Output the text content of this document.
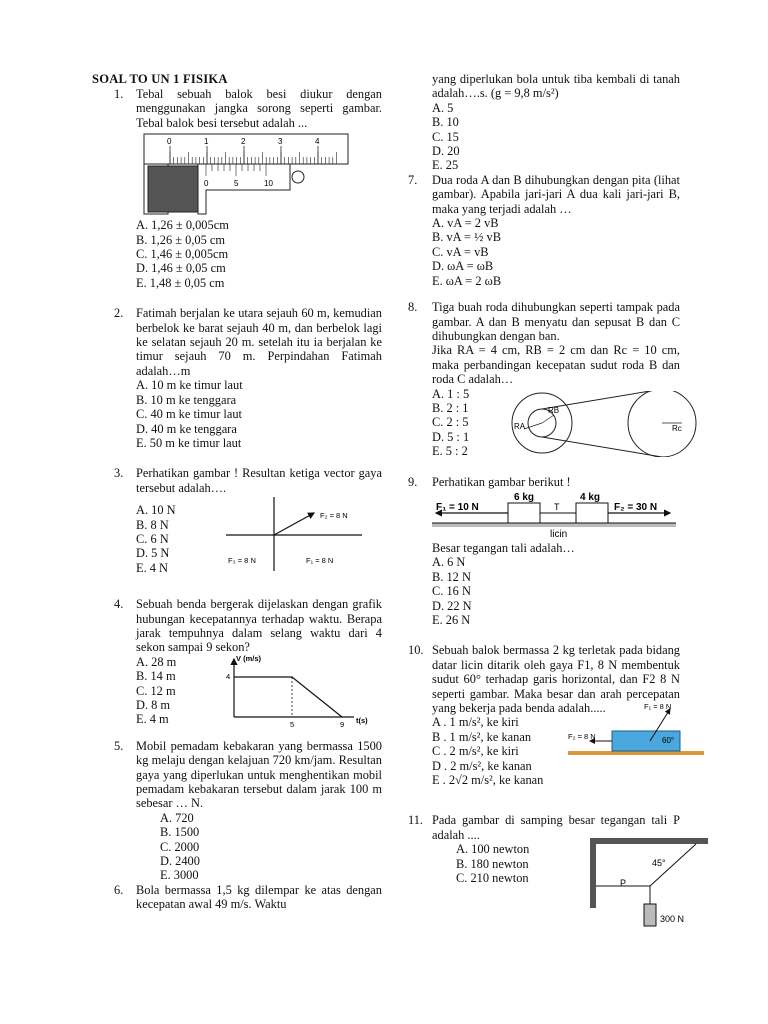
SOAL TO UN 1 FISIKA
1.	Tebal sebuah balok besi diukur dengan menggunakan jangka sorong seperti gambar. Tebal balok besi tersebut adalah ...
0	1	2	3	4
0	5	10
A. 1,26 ± 0,005cm
B. 1,26 ± 0,05 cm
C. 1,46 ± 0,005cm
D. 1,46 ± 0,05 cm
E. 1,48 ± 0,05 cm
2.	Fatimah berjalan ke utara sejauh 60 m, kemudian berbelok ke barat sejauh 40 m, dan berbelok lagi ke selatan sejauh 20 m. setelah itu ia berjalan ke timur sejauh 70 m. Perpindahan Fatimah adalah…m
A. 10 m ke timur laut
B. 10 m ke tenggara
C. 40 m ke timur laut
D. 40 m ke tenggara
E. 50 m ke timur laut
3.	Perhatikan gambar ! Resultan ketiga vector gaya tersebut adalah….
A. 10 N
B. 8 N
C. 6 N
D. 5 N
E. 4 N
F₂ = 8 N
F₃ = 8 N	F₁ = 8 N
4.	Sebuah benda bergerak dijelaskan dengan grafik hubungan kecepatannya terhadap waktu. Berapa jarak tempuhnya dalam selang waktu dari 4 sekon sampai 9 sekon?
A. 28 m
B. 14 m
C. 12 m
D. 8 m
E. 4 m
V (m/s)
t(s)
4
5	9
5.	Mobil pemadam kebakaran yang bermassa 1500 kg melaju dengan kelajuan 720 km/jam. Resultan gaya yang diperlukan untuk menghentikan mobil pemadam kebakaran tersebut dalam jarak 100 m sebesar … N.
A. 720
B. 1500
C. 2000
D. 2400
E. 3000
6.	Bola bermassa 1,5 kg dilempar ke atas dengan kecepatan awal 49 m/s. Waktu
yang diperlukan bola untuk tiba kembali di tanah adalah….s. (g = 9,8 m/s²)
A. 5
B. 10
C. 15
D. 20
E. 25
7.	Dua roda A dan B dihubungkan dengan pita (lihat gambar). Apabila jari-jari A dua kali jari-jari B, maka yang terjadi adalah …
A. vA = 2 vB
B. vA = ½ vB
C. vA = vB
D. ωA = ωB
E. ωA = 2 ωB
8.	Tiga buah roda dihubungkan seperti tampak pada gambar. A dan B menyatu dan sepusat B dan C dihubungkan dengan ban.
Jika RA = 4 cm, RB = 2 cm dan Rc = 10 cm, maka perbandingan kecepatan sudut roda B dan roda C adalah…
A. 1 : 5
B. 2 : 1
C. 2 : 5
D. 5 : 1
E. 5 : 2
RB
RA	Rc
9.	Perhatikan gambar berikut !
6 kg	4 kg
F₁ = 10 N	T	F₂ = 30 N
licin
Besar tegangan tali adalah…
A. 6 N
B. 12 N
C. 16 N
D. 22 N
E. 26 N
10. Sebuah balok bermassa 2 kg terletak pada bidang datar licin ditarik oleh gaya F1, 8 N membentuk sudut 60° terhadap garis horizontal, dan F2 8 N seperti gambar. Maka besar dan arah percepatan yang bekerja pada benda adalah.....
A . 1 m/s², ke kiri
B . 1 m/s², ke kanan
C . 2 m/s², ke kiri
D . 2 m/s², ke kanan
E . 2√2 m/s², ke kanan
F₁ = 8 N
F₂ = 8 N	60°
11. Pada gambar di samping besar tegangan tali P adalah ....
A. 100 newton
B. 180 newton
C. 210 newton
45°
P
300 N
